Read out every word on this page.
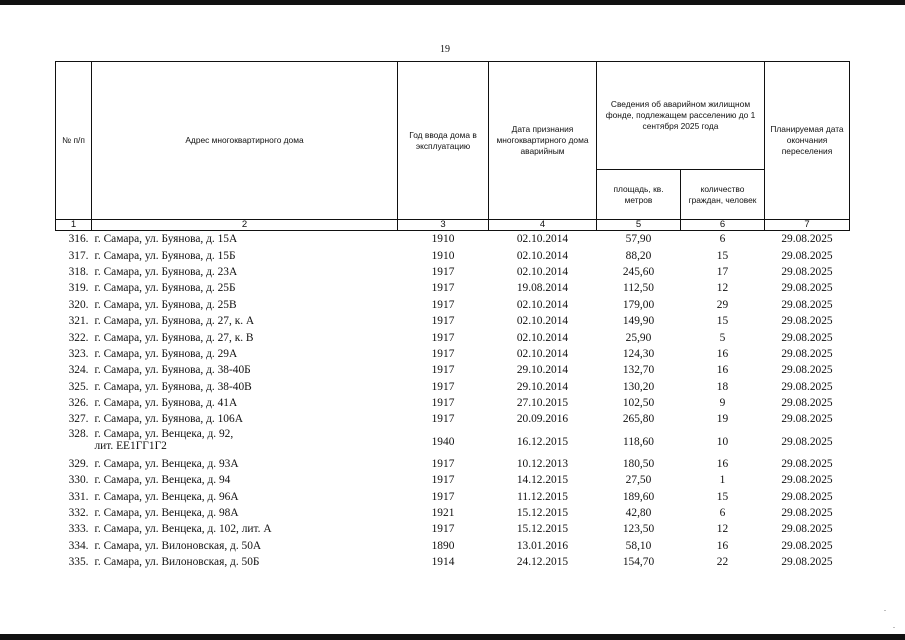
19
№ п/п	Адрес многоквартирного дома	Год ввода дома в эксплуатацию	Дата признания многоквартирного дома аварийным	Сведения об аварийном жилищном фонде, подлежащем расселению до 1 сентября 2025 года		Планируемая дата окончания переселения
				площадь, кв. метров	количество граждан, человек	
1	2	3	4	5	6	7
316.	г. Самара, ул. Буянова, д. 15А	1910	02.10.2014	57,90	6	29.08.2025
317.	г. Самара, ул. Буянова, д. 15Б	1910	02.10.2014	88,20	15	29.08.2025
318.	г. Самара, ул. Буянова, д. 23А	1917	02.10.2014	245,60	17	29.08.2025
319.	г. Самара, ул. Буянова, д. 25Б	1917	19.08.2014	112,50	12	29.08.2025
320.	г. Самара, ул. Буянова, д. 25В	1917	02.10.2014	179,00	29	29.08.2025
321.	г. Самара, ул. Буянова, д. 27, к. А	1917	02.10.2014	149,90	15	29.08.2025
322.	г. Самара, ул. Буянова, д. 27, к. В	1917	02.10.2014	25,90	5	29.08.2025
323.	г. Самара, ул. Буянова, д. 29А	1917	02.10.2014	124,30	16	29.08.2025
324.	г. Самара, ул. Буянова, д. 38-40Б	1917	29.10.2014	132,70	16	29.08.2025
325.	г. Самара, ул. Буянова, д. 38-40В	1917	29.10.2014	130,20	18	29.08.2025
326.	г. Самара, ул. Буянова, д. 41А	1917	27.10.2015	102,50	9	29.08.2025
327.	г. Самара, ул. Буянова, д. 106А	1917	20.09.2016	265,80	19	29.08.2025
328.	г. Самара, ул. Венцека, д. 92,
лит. ЕЕ1ГГ1Г2	1940	16.12.2015	118,60	10	29.08.2025
329.	г. Самара, ул. Венцека, д. 93А	1917	10.12.2013	180,50	16	29.08.2025
330.	г. Самара, ул. Венцека, д. 94	1917	14.12.2015	27,50	1	29.08.2025
331.	г. Самара, ул. Венцека, д. 96А	1917	11.12.2015	189,60	15	29.08.2025
332.	г. Самара, ул. Венцека, д. 98А	1921	15.12.2015	42,80	6	29.08.2025
333.	г. Самара, ул. Венцека, д. 102, лит. А	1917	15.12.2015	123,50	12	29.08.2025
334.	г. Самара, ул. Вилоновская, д. 50А	1890	13.01.2016	58,10	16	29.08.2025
335.	г. Самара, ул. Вилоновская, д. 50Б	1914	24.12.2015	154,70	22	29.08.2025
.
.
